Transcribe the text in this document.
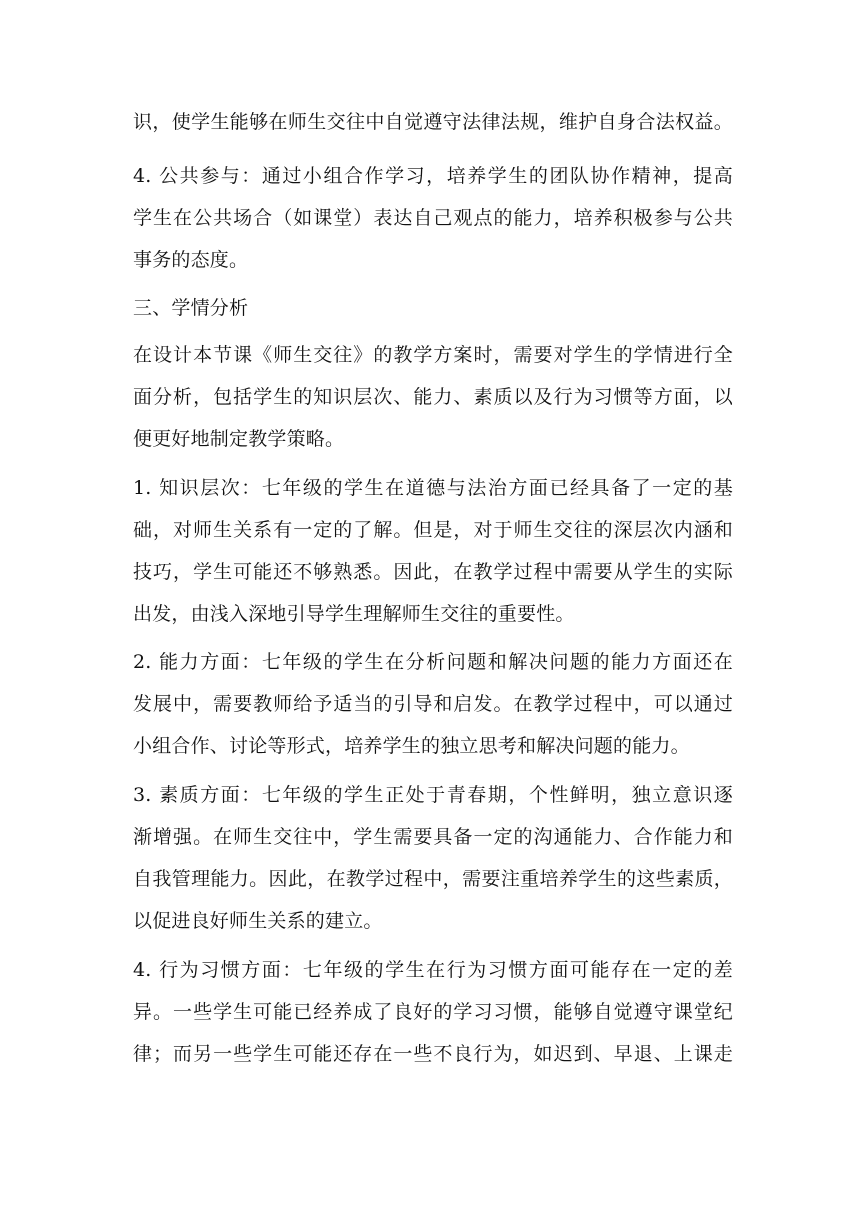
识，使学生能够在师生交往中自觉遵守法律法规，维护自身合法权益。
4. 公共参与：通过小组合作学习，培养学生的团队协作精神，提高
学生在公共场合（如课堂）表达自己观点的能力，培养积极参与公共
事务的态度。
三、学情分析
在设计本节课《师生交往》的教学方案时，需要对学生的学情进行全
面分析，包括学生的知识层次、能力、素质以及行为习惯等方面，以
便更好地制定教学策略。
1. 知识层次：七年级的学生在道德与法治方面已经具备了一定的基
础，对师生关系有一定的了解。但是，对于师生交往的深层次内涵和
技巧，学生可能还不够熟悉。因此，在教学过程中需要从学生的实际
出发，由浅入深地引导学生理解师生交往的重要性。
2. 能力方面：七年级的学生在分析问题和解决问题的能力方面还在
发展中，需要教师给予适当的引导和启发。在教学过程中，可以通过
小组合作、讨论等形式，培养学生的独立思考和解决问题的能力。
3. 素质方面：七年级的学生正处于青春期，个性鲜明，独立意识逐
渐增强。在师生交往中，学生需要具备一定的沟通能力、合作能力和
自我管理能力。因此，在教学过程中，需要注重培养学生的这些素质，
以促进良好师生关系的建立。
4. 行为习惯方面：七年级的学生在行为习惯方面可能存在一定的差
异。一些学生可能已经养成了良好的学习习惯，能够自觉遵守课堂纪
律；而另一些学生可能还存在一些不良行为，如迟到、早退、上课走
